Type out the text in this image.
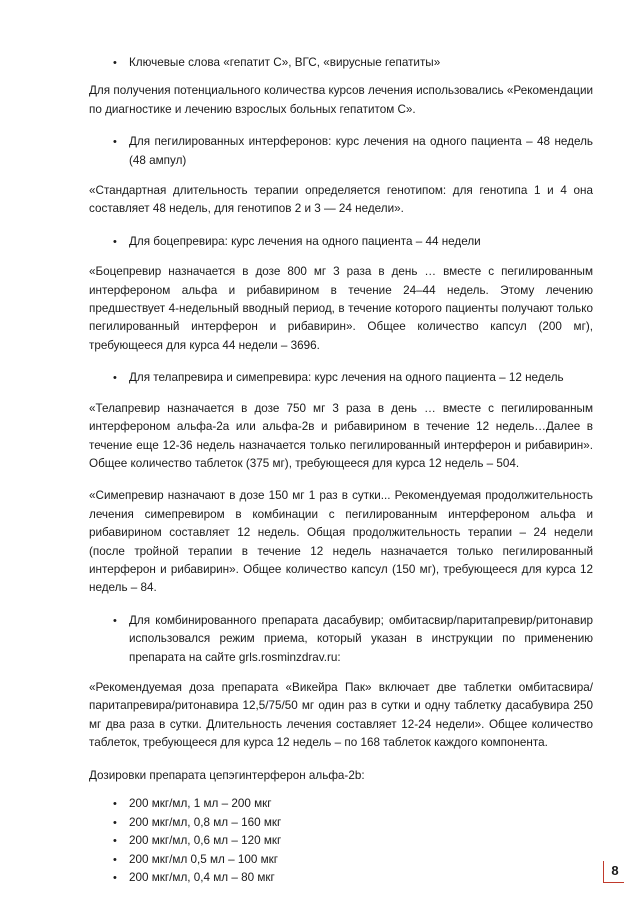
• Ключевые слова «гепатит С», ВГС, «вирусные гепатиты»

Для получения потенциального количества курсов лечения использовались «Рекомендации по диагностике и лечению взрослых больных гепатитом С».

• Для пегилированных интерферонов: курс лечения на одного пациента – 48 недель (48 ампул)

«Стандартная длительность терапии определяется генотипом: для генотипа 1 и 4 она составляет 48 недель, для генотипов 2 и 3 — 24 недели».

• Для боцепревира: курс лечения на одного пациента – 44 недели

«Боцепревир назначается в дозе 800 мг 3 раза в день … вместе с пегилированным интерфероном альфа и рибавирином в течение 24–44 недель. Этому лечению предшествует 4-недельный вводный период, в течение которого пациенты получают только пегилированный интерферон и рибавирин». Общее количество капсул (200 мг), требующееся для курса 44 недели – 3696.

• Для телапревира и симепревира: курс лечения на одного пациента – 12 недель

«Телапревир назначается в дозе 750 мг 3 раза в день … вместе с пегилированным интерфероном альфа-2а или альфа-2в и рибавирином в течение 12 недель…Далее в течение еще 12-36 недель назначается только пегилированный интерферон и рибавирин». Общее количество таблеток (375 мг), требующееся для курса 12 недель – 504.

«Симепревир назначают в дозе 150 мг 1 раз в сутки... Рекомендуемая продолжительность лечения симепревиром в комбинации с пегилированным интерфероном альфа и рибавирином составляет 12 недель. Общая продолжительность терапии – 24 недели (после тройной терапии в течение 12 недель назначается только пегилированный интерферон и рибавирин». Общее количество капсул (150 мг), требующееся для курса 12 недель – 84.

• Для комбинированного препарата дасабувир; омбитасвир/паритапревир/ритонавир использовался режим приема, который указан в инструкции по применению препарата на сайте grls.rosminzdrav.ru:

«Рекомендуемая доза препарата «Викейра Пак» включает две таблетки омбитасвира/паритапревира/ритонавира 12,5/75/50 мг один раз в сутки и одну таблетку дасабувира 250 мг два раза в сутки. Длительность лечения составляет 12-24 недели». Общее количество таблеток, требующееся для курса 12 недель – по 168 таблеток каждого компонента.

Дозировки препарата цепэгинтерферон альфа-2b:

• 200 мкг/мл, 1 мл – 200 мкг
• 200 мкг/мл, 0,8 мл – 160 мкг
• 200 мкг/мл, 0,6 мл – 120 мкг
• 200 мкг/мл 0,5 мл – 100 мкг
• 200 мкг/мл, 0,4 мл – 80 мкг	8
